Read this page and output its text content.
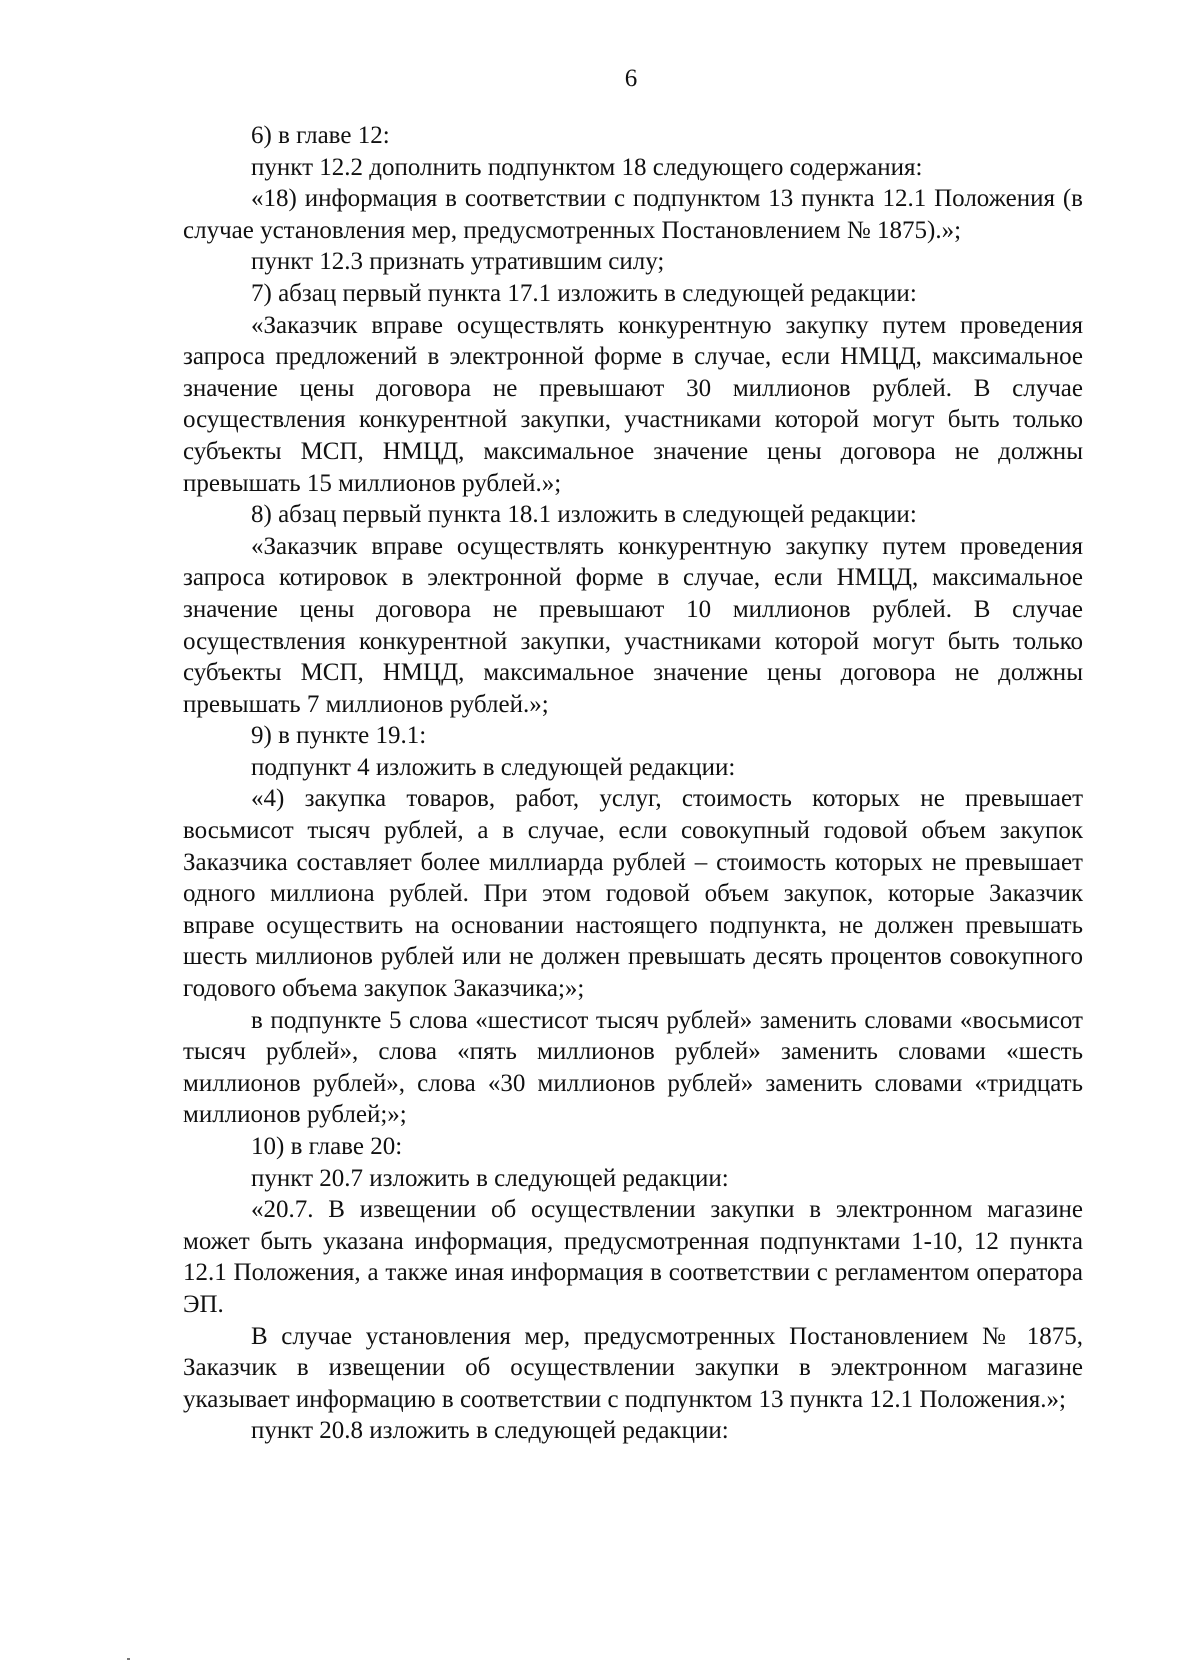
6

6) в главе 12:

пункт 12.2 дополнить подпунктом 18 следующего содержания:

«18) информация в соответствии с подпунктом 13 пункта 12.1 Положения (в случае установления мер, предусмотренных Постановлением № 1875).»;

пункт 12.3 признать утратившим силу;

7) абзац первый пункта 17.1 изложить в следующей редакции:

«Заказчик вправе осуществлять конкурентную закупку путем проведения запроса предложений в электронной форме в случае, если НМЦД, максимальное значение цены договора не превышают 30 миллионов рублей. В случае осуществления конкурентной закупки, участниками которой могут быть только субъекты МСП, НМЦД, максимальное значение цены договора не должны превышать 15 миллионов рублей.»;

8) абзац первый пункта 18.1 изложить в следующей редакции:

«Заказчик вправе осуществлять конкурентную закупку путем проведения запроса котировок в электронной форме в случае, если НМЦД, максимальное значение цены договора не превышают 10 миллионов рублей. В случае осуществления конкурентной закупки, участниками которой могут быть только субъекты МСП, НМЦД, максимальное значение цены договора не должны превышать 7 миллионов рублей.»;

9) в пункте 19.1:

подпункт 4 изложить в следующей редакции:

«4) закупка товаров, работ, услуг, стоимость которых не превышает восьмисот тысяч рублей, а в случае, если совокупный годовой объем закупок Заказчика составляет более миллиарда рублей – стоимость которых не превышает одного миллиона рублей. При этом годовой объем закупок, которые Заказчик вправе осуществить на основании настоящего подпункта, не должен превышать шесть миллионов рублей или не должен превышать десять процентов совокупного годового объема закупок Заказчика;»;

в подпункте 5 слова «шестисот тысяч рублей» заменить словами «восьмисот тысяч рублей», слова «пять миллионов рублей» заменить словами «шесть миллионов рублей», слова «30 миллионов рублей» заменить словами «тридцать миллионов рублей;»;

10) в главе 20:

пункт 20.7 изложить в следующей редакции:

«20.7. В извещении об осуществлении закупки в электронном магазине может быть указана информация, предусмотренная подпунктами 1-10, 12 пункта 12.1 Положения, а также иная информация в соответствии с регламентом оператора ЭП.

В случае установления мер, предусмотренных Постановлением № 1875, Заказчик в извещении об осуществлении закупки в электронном магазине указывает информацию в соответствии с подпунктом 13 пункта 12.1 Положения.»;

пункт 20.8 изложить в следующей редакции:
